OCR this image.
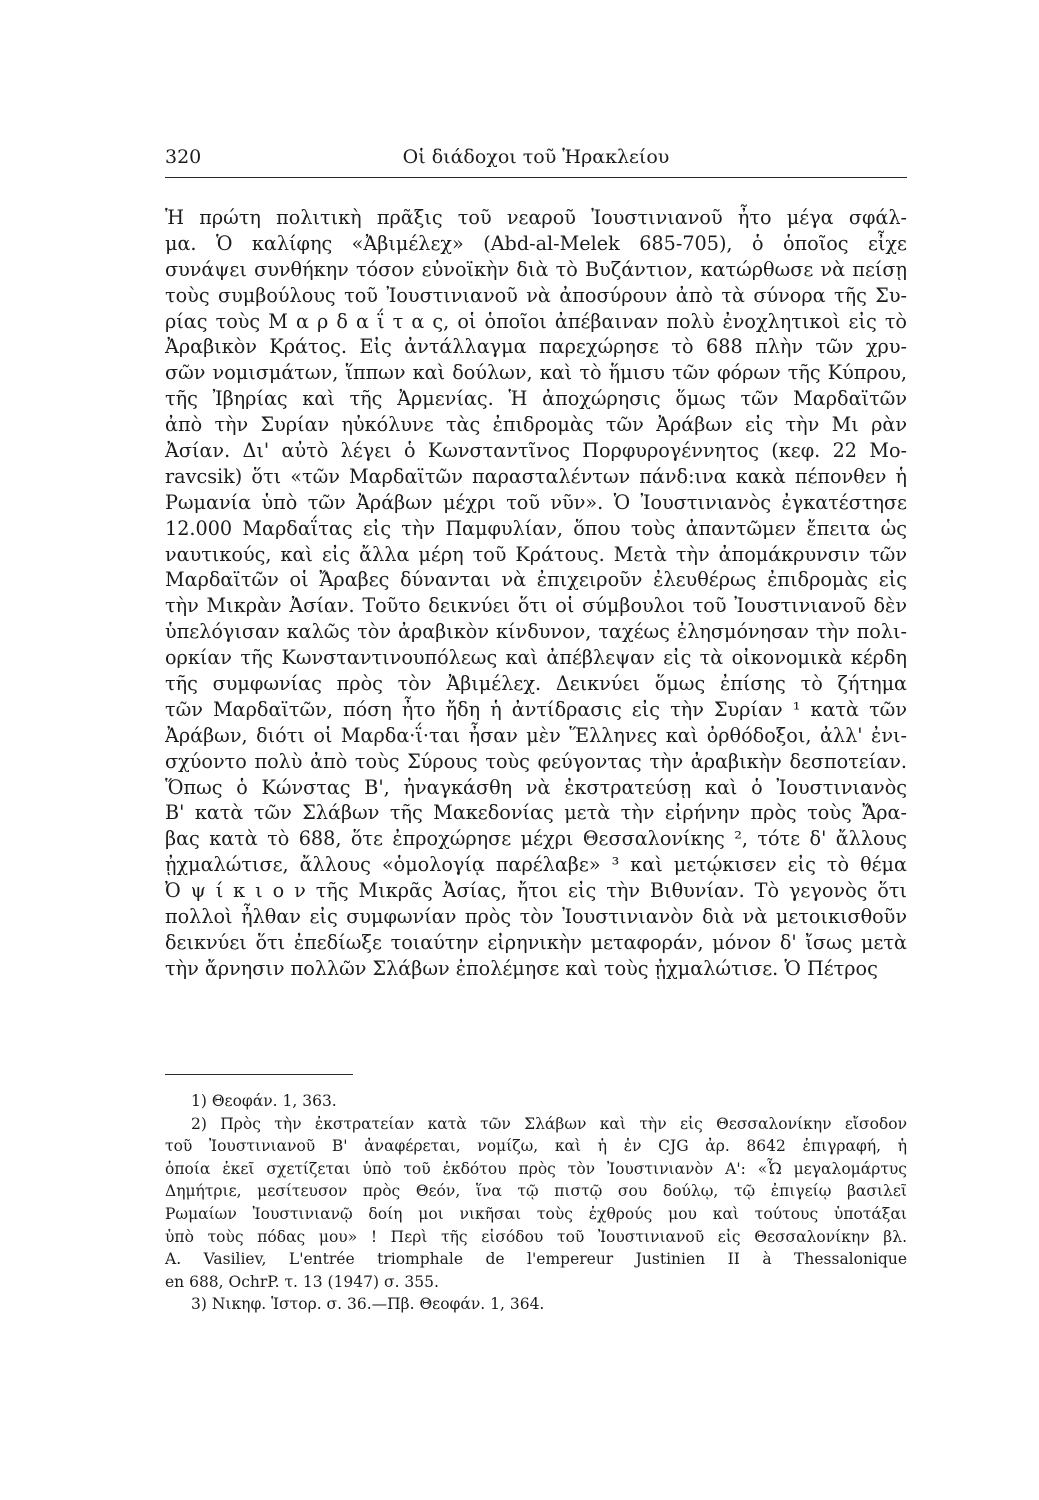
320	Οἱ διάδοχοι τοῦ Ἡρακλείου
Ἡ πρώτη πολιτικὴ πρᾶξις τοῦ νεαροῦ Ἰουστινιανοῦ ἦτο μέγα σφάλ-
μα. Ὁ καλίφης «Ἀβιμέλεχ» (Abd-al-Melek 685-705), ὁ ὁποῖος εἶχε
συνάψει συνθήκην τόσον εὐνοϊκὴν διὰ τὸ Βυζάντιον, κατώρθωσε νὰ πείσῃ
τοὺς συμβούλους τοῦ Ἰουστινιανοῦ νὰ ἀποσύρουν ἀπὸ τὰ σύνορα τῆς Συ-
ρίας τοὺς Μ α ρ δ α ΐ τ α ς, οἱ ὁποῖοι ἀπέβαιναν πολὺ ἐνοχλητικοὶ εἰς τὸ
Ἀραβικὸν Κράτος. Εἰς ἀντάλλαγμα παρεχώρησε τὸ 688 πλὴν τῶν χρυ-
σῶν νομισμάτων, ἵππων καὶ δούλων, καὶ τὸ ἥμισυ τῶν φόρων τῆς Κύπρου,
τῆς Ἰβηρίας καὶ τῆς Ἀρμενίας. Ἡ ἀποχώρησις ὅμως τῶν Μαρδαϊτῶν
ἀπὸ τὴν Συρίαν ηὐκόλυνε τὰς ἐπιδρομὰς τῶν Ἀράβων εἰς τὴν Μι ρὰν
Ἀσίαν. Δι' αὐτὸ λέγει ὁ Κωνσταντῖνος Πορφυρογέννητος (κεφ. 22 Mo-
ravcsik) ὅτι «τῶν Μαρδαϊτῶν παρασταλέντων πάνδ:ινα κακὰ πέπονθεν ἡ
Ρωμανία ὑπὸ τῶν Ἀράβων μέχρι τοῦ νῦν». Ὁ Ἰουστινιανὸς ἐγκατέστησε
12.000 Μαρδαΐτας εἰς τὴν Παμφυλίαν, ὅπου τοὺς ἀπαντῶμεν ἔπειτα ὡς
ναυτικούς, καὶ εἰς ἄλλα μέρη τοῦ Κράτους. Μετὰ τὴν ἀπομάκρυνσιν τῶν
Μαρδαϊτῶν οἱ Ἄραβες δύνανται νὰ ἐπιχειροῦν ἐλευθέρως ἐπιδρομὰς εἰς
τὴν Μικρὰν Ἀσίαν. Τοῦτο δεικνύει ὅτι οἱ σύμβουλοι τοῦ Ἰουστινιανοῦ δὲν
ὑπελόγισαν καλῶς τὸν ἀραβικὸν κίνδυνον, ταχέως ἐλησμόνησαν τὴν πολι-
ορκίαν τῆς Κωνσταντινουπόλεως καὶ ἀπέβλεψαν εἰς τὰ οἰκονομικὰ κέρδη
τῆς συμφωνίας πρὸς τὸν Ἀβιμέλεχ. Δεικνύει ὅμως ἐπίσης τὸ ζήτημα
τῶν Μαρδαϊτῶν, πόση ἦτο ἤδη ἡ ἀντίδρασις εἰς τὴν Συρίαν ¹ κατὰ τῶν
Ἀράβων, διότι οἱ Μαρδα·ΐ·ται ἦσαν μὲν Ἕλληνες καὶ ὀρθόδοξοι, ἀλλ' ἐνι-
σχύοντο πολὺ ἀπὸ τοὺς Σύρους τοὺς φεύγοντας τὴν ἀραβικὴν δεσποτείαν.
Ὅπως ὁ Κώνστας Β', ἠναγκάσθη νὰ ἐκστρατεύσῃ καὶ ὁ Ἰουστινιανὸς
Β' κατὰ τῶν Σλάβων τῆς Μακεδονίας μετὰ τὴν εἰρήνην πρὸς τοὺς Ἄρα-
βας κατὰ τὸ 688, ὅτε ἐπροχώρησε μέχρι Θεσσαλονίκης ², τότε δ' ἄλλους
ᾐχμαλώτισε, ἄλλους «ὁμολογίᾳ παρέλαβε» ³ καὶ μετῴκισεν εἰς τὸ θέμα
Ὀ ψ ί κ ι ο ν τῆς Μικρᾶς Ἀσίας, ἤτοι εἰς τὴν Βιθυνίαν. Τὸ γεγονὸς ὅτι
πολλοὶ ἦλθαν εἰς συμφωνίαν πρὸς τὸν Ἰουστινιανὸν διὰ νὰ μετοικισθοῦν
δεικνύει ὅτι ἐπεδίωξε τοιαύτην εἰρηνικὴν μεταφοράν, μόνον δ' ἴσως μετὰ
τὴν ἄρνησιν πολλῶν Σλάβων ἐπολέμησε καὶ τοὺς ᾐχμαλώτισε. Ὁ Πέτρος
1) Θεοφάν. 1, 363.
2) Πρὸς τὴν ἐκστρατείαν κατὰ τῶν Σλάβων καὶ τὴν εἰς Θεσσαλονίκην εἴσοδον
τοῦ Ἰουστινιανοῦ Β' ἀναφέρεται, νομίζω, καὶ ἡ ἐν CJG ἀρ. 8642 ἐπιγραφή, ἡ
ὁποία ἐκεῖ σχετίζεται ὑπὸ τοῦ ἐκδότου πρὸς τὸν Ἰουστινιανὸν Α': «Ὦ μεγαλομάρτυς
Δημήτριε, μεσίτευσον πρὸς Θεόν, ἵνα τῷ πιστῷ σου δούλῳ, τῷ ἐπιγείῳ βασιλεῖ
Ρωμαίων Ἰουστινιανῷ δοίη μοι νικῆσαι τοὺς ἐχθρούς μου καὶ τούτους ὑποτάξαι
ὑπὸ τοὺς πόδας μου» ! Περὶ τῆς εἰσόδου τοῦ Ἰουστινιανοῦ εἰς Θεσσαλονίκην βλ.
A. Vasiliev, L'entrée triomphale de l'empereur Justinien II à Thessalonique
en 688, OchrP. τ. 13 (1947) σ. 355.
3) Νικηφ. Ἱστορ. σ. 36.—Πβ. Θεοφάν. 1, 364.
